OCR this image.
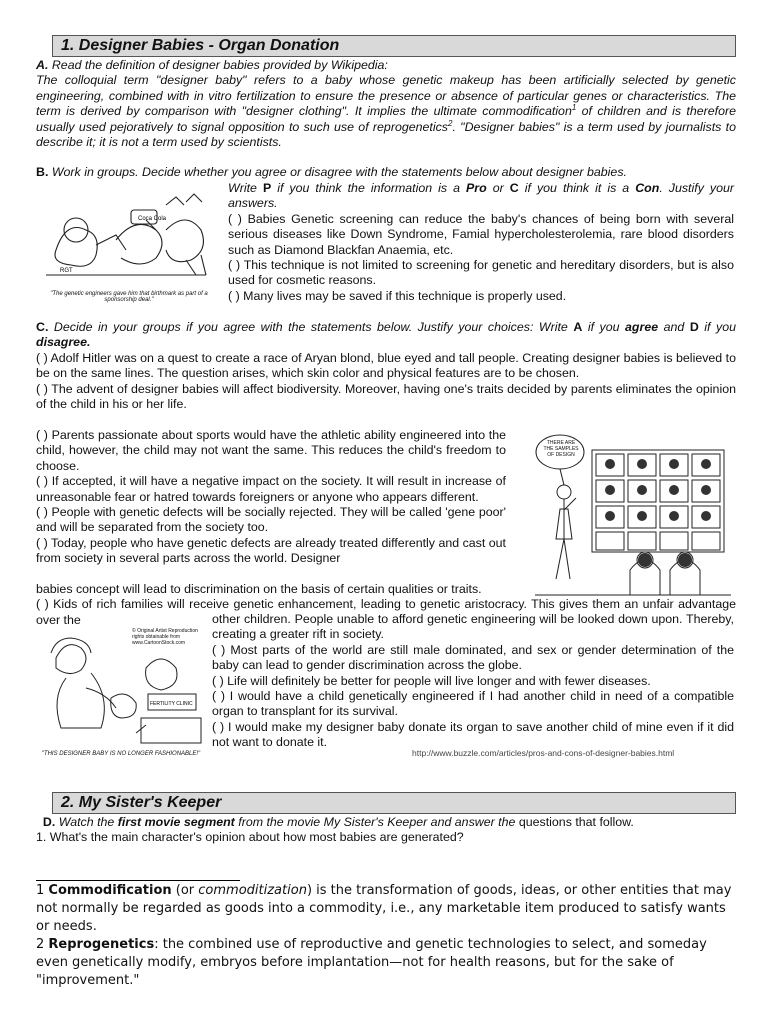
1. Designer Babies - Organ Donation

A. Read the definition of designer babies provided by Wikipedia:

The colloquial term "designer baby" refers to a baby whose genetic makeup has been artificially selected by genetic engineering, combined with in vitro fertilization to ensure the presence or absence of particular genes or characteristics. The term is derived by comparison with "designer clothing". It implies the ultimate commodification$^1$ of children and is therefore usually used pejoratively to signal opposition to such use of reprogenetics$^2$. "Designer babies" is a term used by journalists to describe it; it is not a term used by scientists.

B. Work in groups. Decide whether you agree or disagree with the statements below about designer babies.

Write P if you think the information is a Pro or C if you think it is a Con. Justify your answers.

( ) Babies Genetic screening can reduce the baby's chances of being born with several serious diseases like Down Syndrome, Famial hypercholesterolemia, rare blood disorders such as Diamond Blackfan Anaemia, etc.

( ) This technique is not limited to screening for genetic and hereditary disorders, but is also used for cosmetic reasons.

( ) Many lives may be saved if this technique is properly used.

Coca Cola
RGT
"The genetic engineers gave him that birthmark as part of a sponsorship deal."

C. Decide in your groups if you agree with the statements below. Justify your choices: Write A if you agree and D if you disagree.

( ) Adolf Hitler was on a quest to create a race of Aryan blond, blue eyed and tall people. Creating designer babies is believed to be on the same lines. The question arises, which skin color and physical features are to be chosen.

( ) The advent of designer babies will affect biodiversity. Moreover, having one's traits decided by parents eliminates the opinion of the child in his or her life.

( ) Parents passionate about sports would have the athletic ability engineered into the child, however, the child may not want the same. This reduces the child's freedom to choose.

( ) If accepted, it will have a negative impact on the society. It will result in increase of unreasonable fear or hatred towards foreigners or anyone who appears different.

( ) People with genetic defects will be socially rejected. They will be called 'gene poor' and will be separated from the society too.

( ) Today, people who have genetic defects are already treated differently and cast out from society in several parts across the world. Designer

THERE ARE THE SAMPLES OF DESIGN

babies concept will lead to discrimination on the basis of certain qualities or traits.

( ) Kids of rich families will receive genetic enhancement, leading to genetic aristocracy. This gives them an unfair advantage over the	other children. People unable to afford genetic engineering will be looked down upon. Thereby, creating a greater rift in society.

( ) Most parts of the world are still male dominated, and sex or gender determination of the baby can lead to gender discrimination across the globe.

( ) Life will definitely be better for people will live longer and with fewer diseases.

( ) I would have a child genetically engineered if I had another child in need of a compatible organ to transplant for its survival.

( ) I would make my designer baby donate its organ to save another child of mine even if it did not want to donate it.

© Original Artist Reproduction rights obtainable from www.CartoonStock.com
FERTILITY CLINIC
"THIS DESIGNER BABY IS NO LONGER FASHIONABLE!"	http://www.buzzle.com/articles/pros-and-cons-of-designer-babies.html
2. My Sister's Keeper

D. Watch the first movie segment from the movie My Sister's Keeper and answer the questions that follow.

1. What's the main character's opinion about how most babies are generated?

1 Commodification (or commoditization) is the transformation of goods, ideas, or other entities that may not normally be regarded as goods into a commodity, i.e., any marketable item produced to satisfy wants or needs.
2 Reprogenetics: the combined use of reproductive and genetic technologies to select, and someday even genetically modify, embryos before implantation—not for health reasons, but for the sake of "improvement."
